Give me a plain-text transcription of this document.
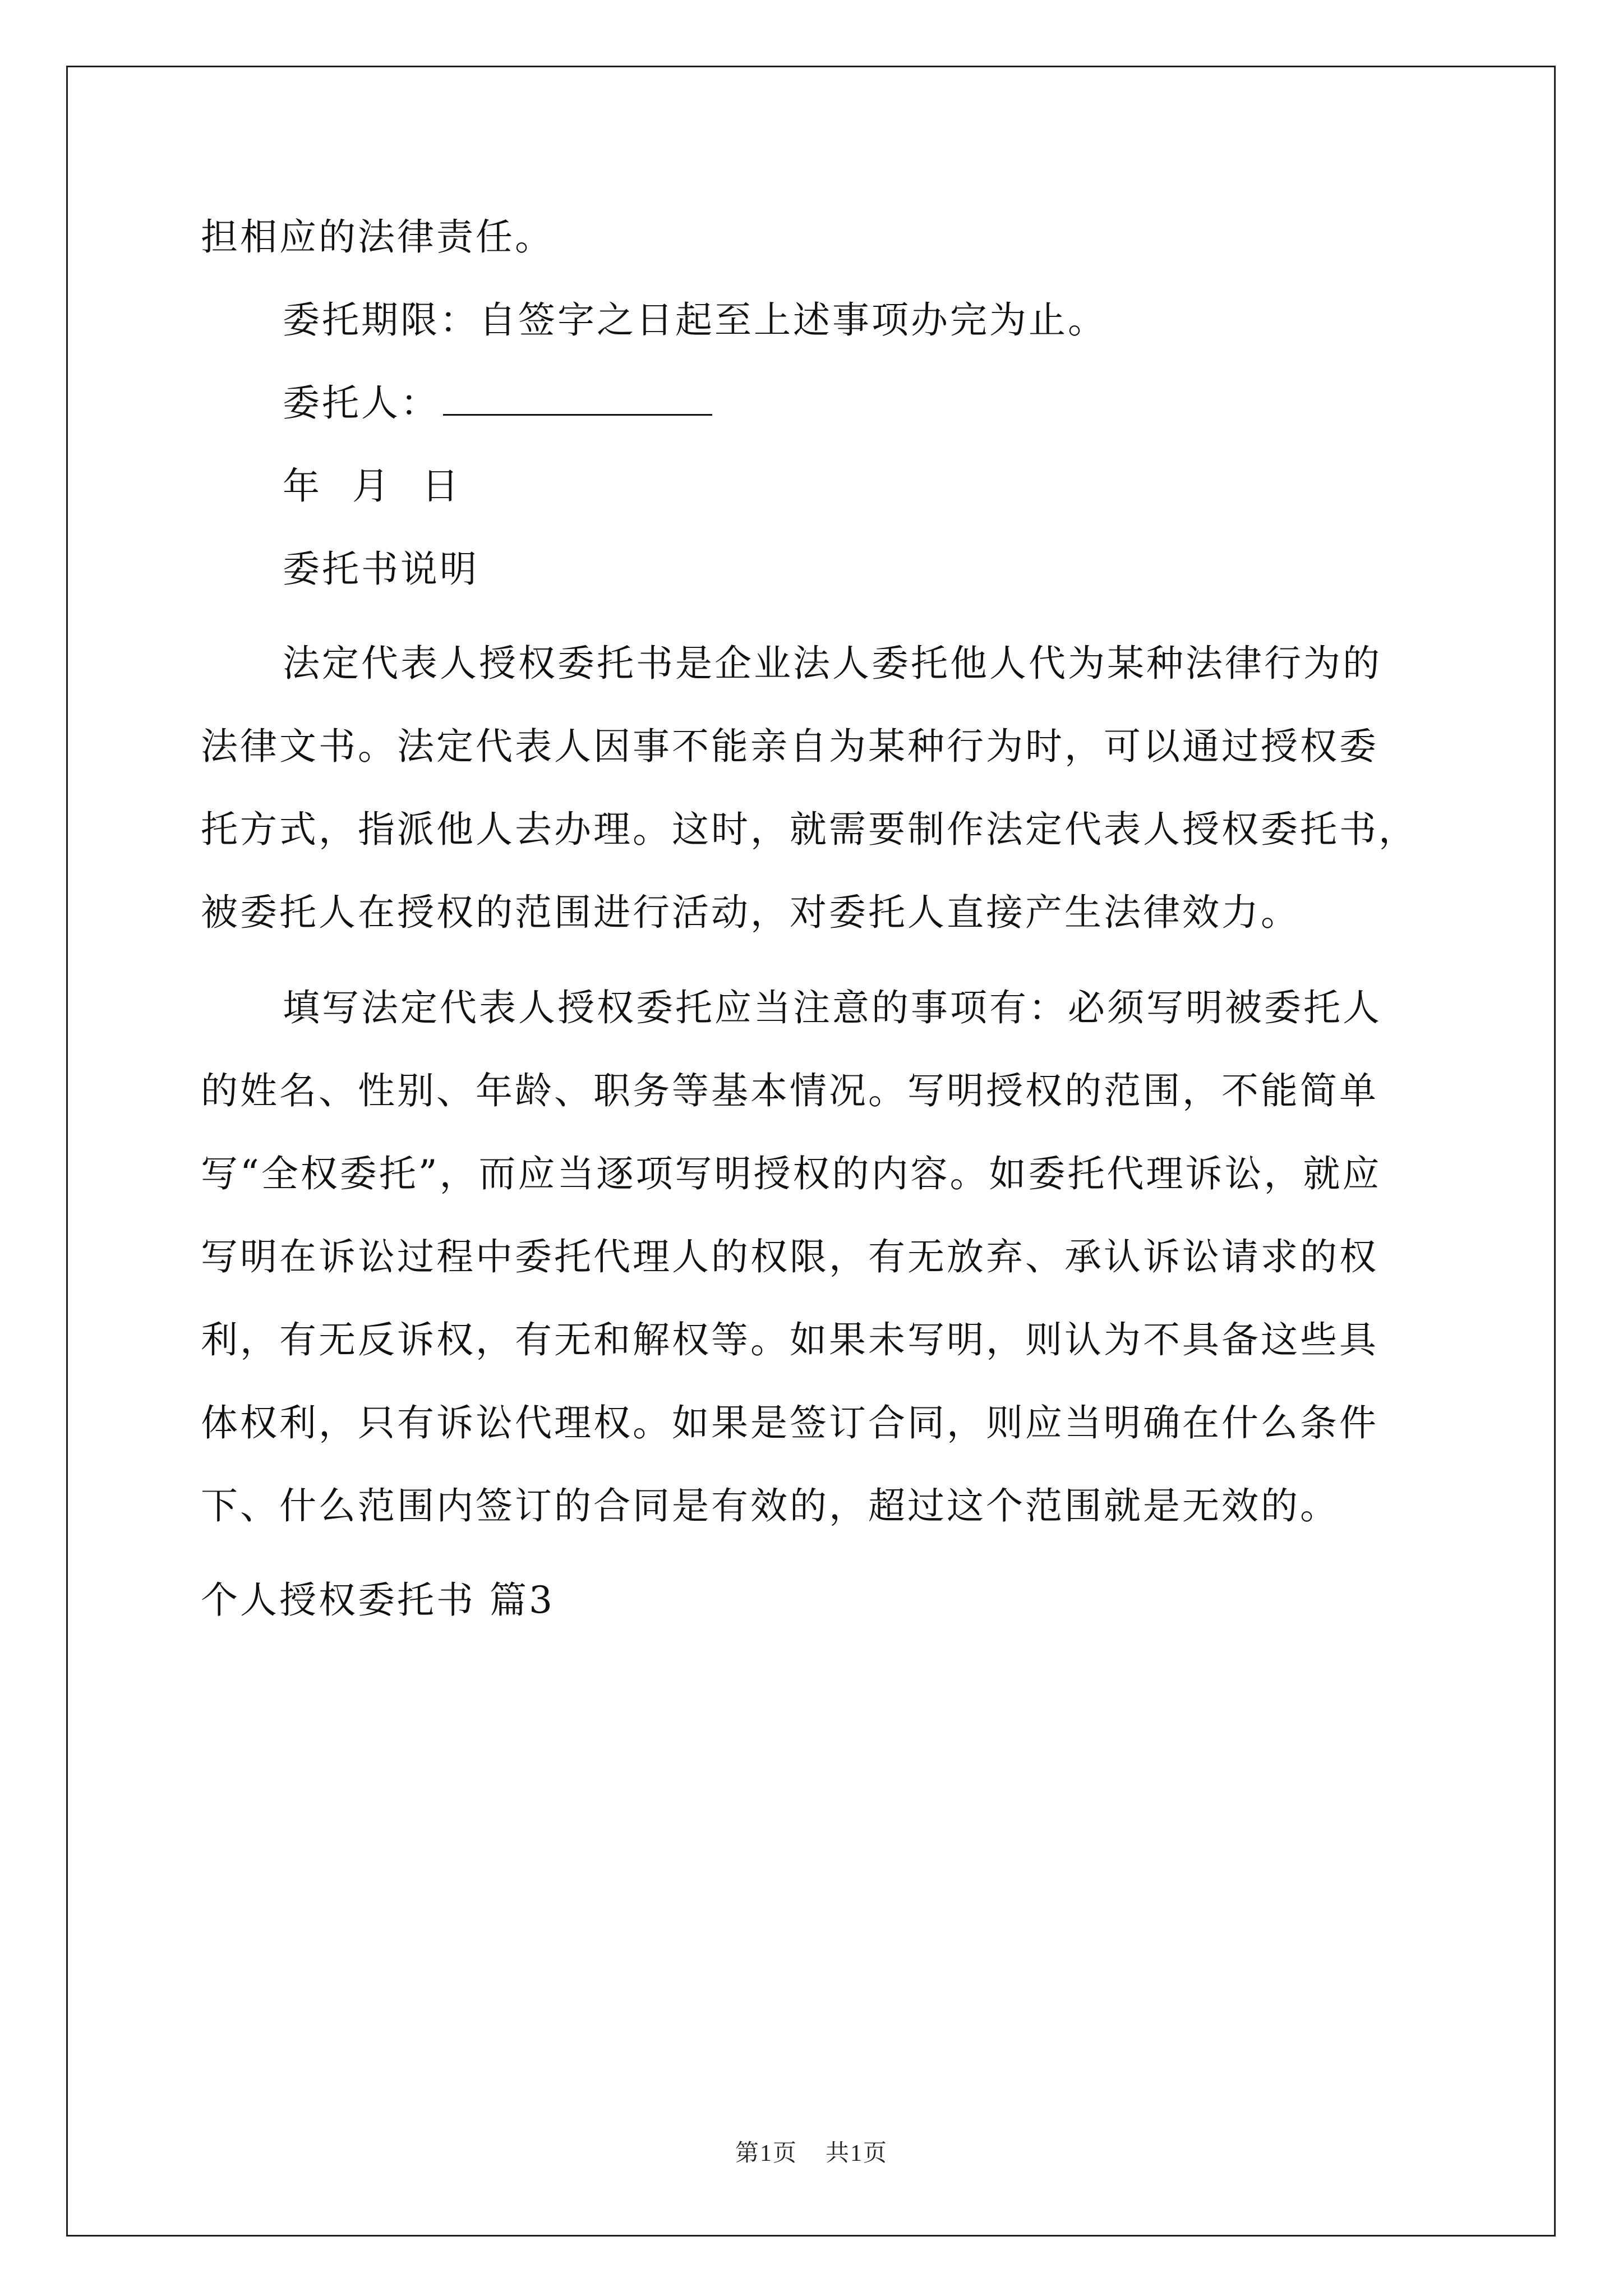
担相应的法律责任。
委托期限：自签字之日起至上述事项办完为止。
委托人：
年 月 日
委托书说明
法定代表人授权委托书是企业法人委托他人代为某种法律行为的
法律文书。法定代表人因事不能亲自为某种行为时，可以通过授权委
托方式，指派他人去办理。这时，就需要制作法定代表人授权委托书，
被委托人在授权的范围进行活动，对委托人直接产生法律效力。
填写法定代表人授权委托应当注意的事项有：必须写明被委托人
的姓名、性别、年龄、职务等基本情况。写明授权的范围，不能简单
写“全权委托”，而应当逐项写明授权的内容。如委托代理诉讼，就应
写明在诉讼过程中委托代理人的权限，有无放弃、承认诉讼请求的权
利，有无反诉权，有无和解权等。如果未写明，则认为不具备这些具
体权利，只有诉讼代理权。如果是签订合同，则应当明确在什么条件
下、什么范围内签订的合同是有效的，超过这个范围就是无效的。
个人授权委托书 篇3
第1页 共1页
